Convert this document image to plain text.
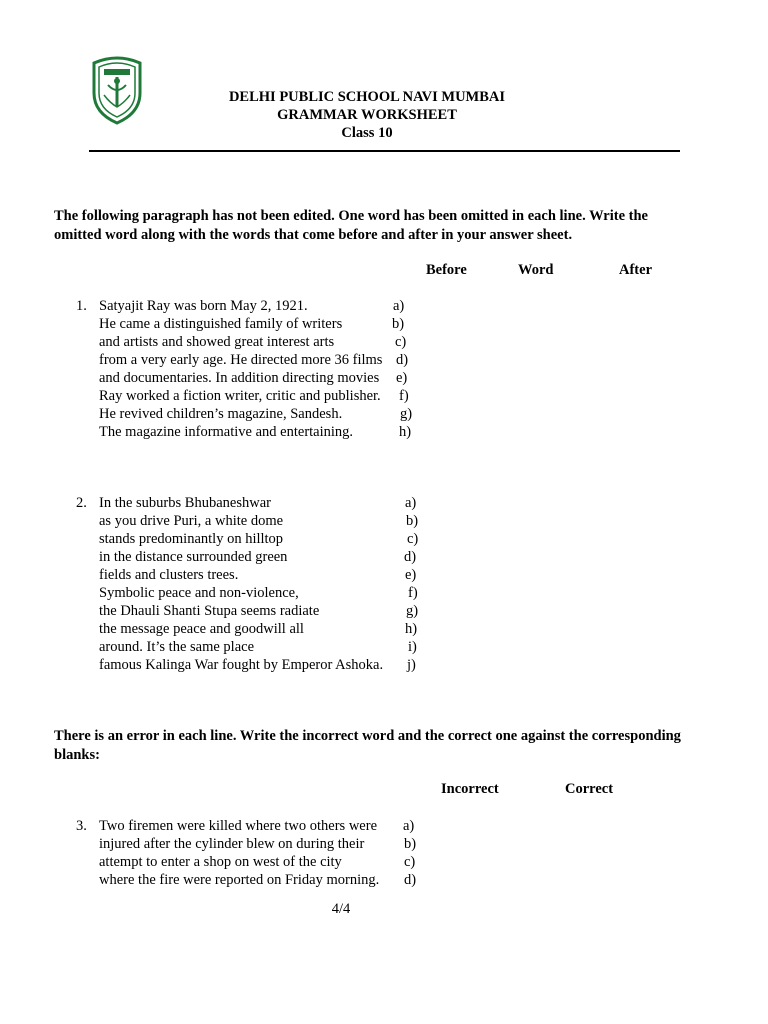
DELHI PUBLIC SCHOOL NAVI MUMBAI
GRAMMAR WORKSHEET
Class 10
The following paragraph has not been edited. One word has been omitted in each line. Write the omitted word along with the words that come before and after in your answer sheet.
Before	Word	After
1. Satyajit Ray was born May 2, 1921.	a)
He came a distinguished family of writers	b)
and artists and showed great interest arts	c)
from a very early age. He directed more 36 films d)
and documentaries. In addition directing movies e)
Ray worked a fiction writer, critic and publisher. f)
He revived children’s magazine, Sandesh.	g)
The magazine informative and entertaining.	h)
2. In the suburbs Bhubaneshwar	a)
as you drive Puri, a white dome	b)
stands predominantly on hilltop	c)
in the distance surrounded green	d)
fields and clusters trees.	e)
Symbolic peace and non-violence,	f)
the Dhauli Shanti Stupa seems radiate	g)
the message peace and goodwill all	h)
around. It’s the same place	i)
famous Kalinga War fought by Emperor Ashoka. j)
There is an error in each line. Write the incorrect word and the correct one against the corresponding blanks:
Incorrect	Correct
3. Two firemen were killed where two others were a)
injured after the cylinder blew on during their	b)
attempt to enter a shop on west of the city	c)
where the fire were reported on Friday morning. d)
4/4
